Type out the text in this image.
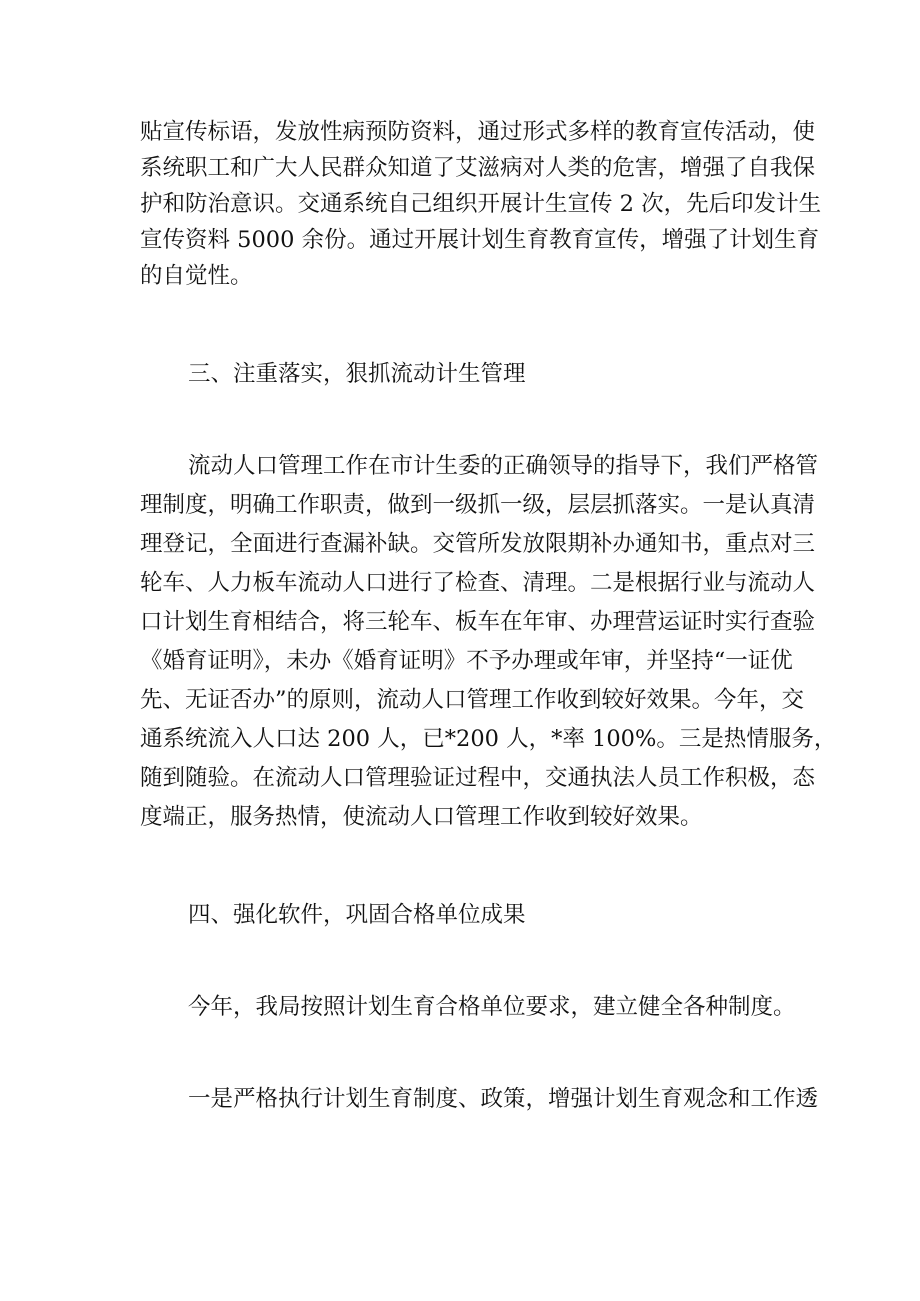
贴宣传标语，发放性病预防资料，通过形式多样的教育宣传活动，使
系统职工和广大人民群众知道了艾滋病对人类的危害，增强了自我保
护和防治意识。交通系统自己组织开展计生宣传 2 次，先后印发计生
宣传资料 5000 余份。通过开展计划生育教育宣传，增强了计划生育
的自觉性。
三、注重落实，狠抓流动计生管理
流动人口管理工作在市计生委的正确领导的指导下，我们严格管
理制度，明确工作职责，做到一级抓一级，层层抓落实。一是认真清
理登记，全面进行查漏补缺。交管所发放限期补办通知书，重点对三
轮车、人力板车流动人口进行了检查、清理。二是根据行业与流动人
口计划生育相结合，将三轮车、板车在年审、办理营运证时实行查验
《婚育证明》，未办《婚育证明》不予办理或年审，并坚持“一证优
先、无证否办”的原则，流动人口管理工作收到较好效果。今年，交
通系统流入人口达 200 人，已*200 人，*率 100%。三是热情服务，
随到随验。在流动人口管理验证过程中，交通执法人员工作积极，态
度端正，服务热情，使流动人口管理工作收到较好效果。
四、强化软件，巩固合格单位成果
今年，我局按照计划生育合格单位要求，建立健全各种制度。
一是严格执行计划生育制度、政策，增强计划生育观念和工作透
